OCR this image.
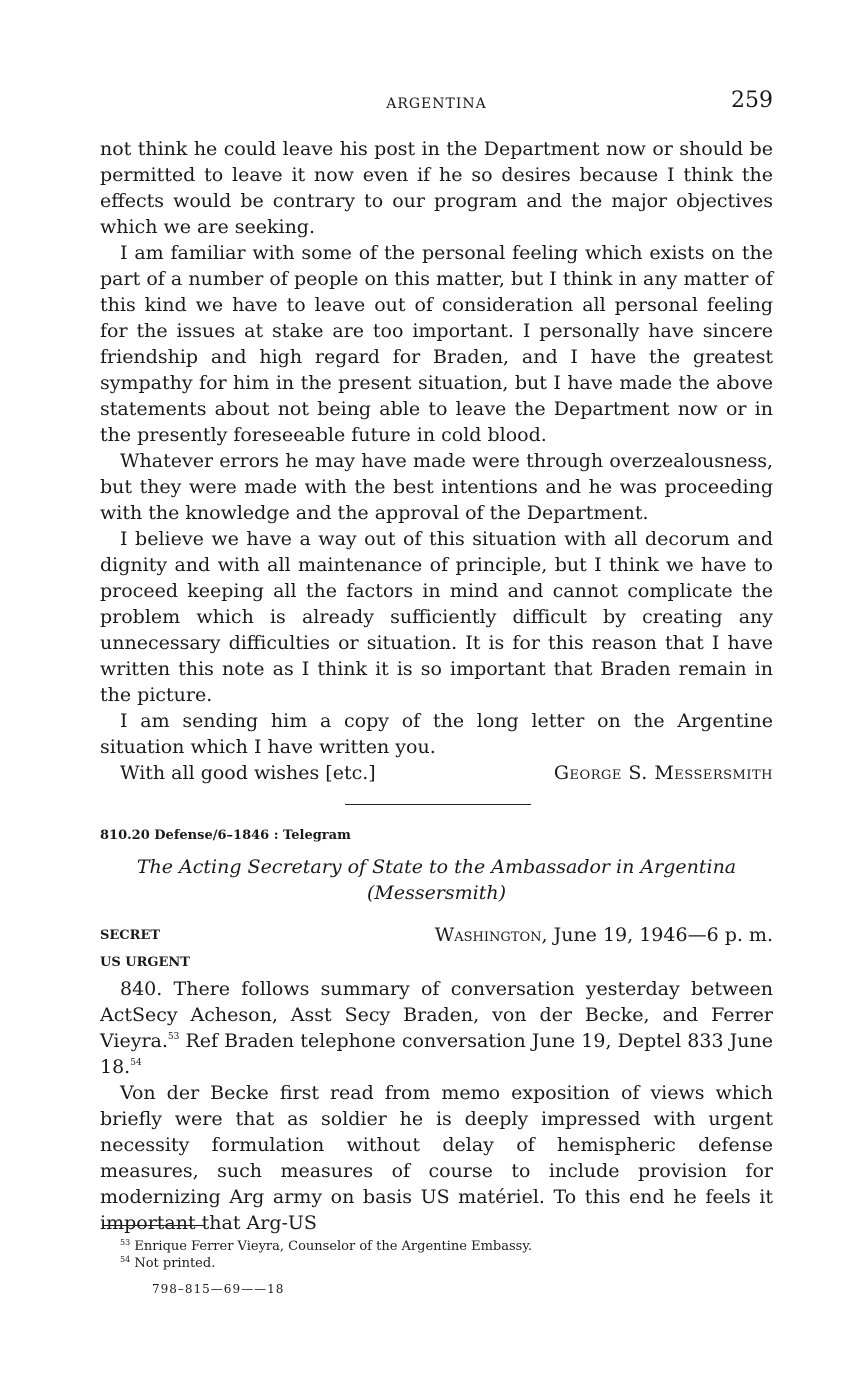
ARGENTINA	259

not think he could leave his post in the Department now or should be permitted to leave it now even if he so desires because I think the effects would be contrary to our program and the major objectives which we are seeking.

I am familiar with some of the personal feeling which exists on the part of a number of people on this matter, but I think in any matter of this kind we have to leave out of consideration all personal feeling for the issues at stake are too important. I personally have sincere friendship and high regard for Braden, and I have the greatest sympathy for him in the present situation, but I have made the above statements about not being able to leave the Department now or in the presently foreseeable future in cold blood.

Whatever errors he may have made were through overzealousness, but they were made with the best intentions and he was proceeding with the knowledge and the approval of the Department.

I believe we have a way out of this situation with all decorum and dignity and with all maintenance of principle, but I think we have to proceed keeping all the factors in mind and cannot complicate the problem which is already sufficiently difficult by creating any unnecessary difficulties or situation. It is for this reason that I have written this note as I think it is so important that Braden remain in the picture.

I am sending him a copy of the long letter on the Argentine situation which I have written you.

With all good wishes [etc.]	George S. Messersmith
810.20 Defense/6–1846 : Telegram
The Acting Secretary of State to the Ambassador in Argentina
(Messersmith)
SECRET	Washington, June 19, 1946—6 p. m.
US URGENT

840. There follows summary of conversation yesterday between ActSecy Acheson, Asst Secy Braden, von der Becke, and Ferrer Vieyra.$^{53}$ Ref Braden telephone conversation June 19, Deptel 833 June 18.54

Von der Becke first read from memo exposition of views which briefly were that as soldier he is deeply impressed with urgent necessity formulation without delay of hemispheric defense measures, such measures of course to include provision for modernizing Arg army on basis US matériel. To this end he feels it important that Arg-US

$^{53}$ Enrique Ferrer Vieyra, Counselor of the Argentine Embassy.
$^{54}$ Not printed.
798–815—69——18
